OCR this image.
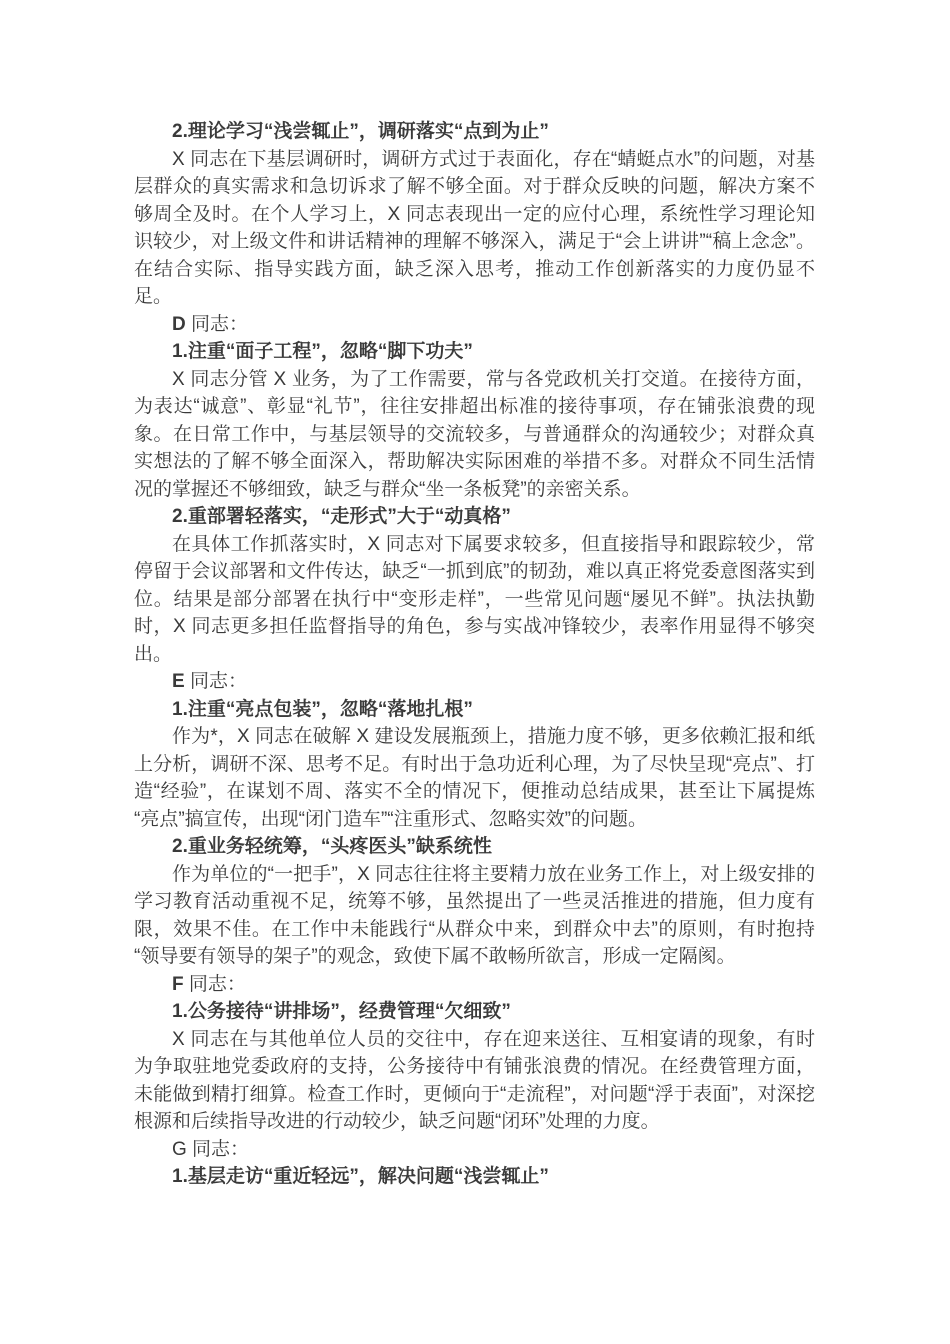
2.理论学习“浅尝辄止”，调研落实“点到为止”

X 同志在下基层调研时，调研方式过于表面化，存在“蜻蜓点水”的问题，对基层群众的真实需求和急切诉求了解不够全面。对于群众反映的问题，解决方案不够周全及时。在个人学习上，X 同志表现出一定的应付心理，系统性学习理论知识较少，对上级文件和讲话精神的理解不够深入，满足于“会上讲讲”“稿上念念”。在结合实际、指导实践方面，缺乏深入思考，推动工作创新落实的力度仍显不足。

D 同志：

1.注重“面子工程”，忽略“脚下功夫”

X 同志分管 X 业务，为了工作需要，常与各党政机关打交道。在接待方面，为表达“诚意”、彰显“礼节”，往往安排超出标准的接待事项，存在铺张浪费的现象。在日常工作中，与基层领导的交流较多，与普通群众的沟通较少；对群众真实想法的了解不够全面深入，帮助解决实际困难的举措不多。对群众不同生活情况的掌握还不够细致，缺乏与群众“坐一条板凳”的亲密关系。

2.重部署轻落实，“走形式”大于“动真格”

在具体工作抓落实时，X 同志对下属要求较多，但直接指导和跟踪较少，常停留于会议部署和文件传达，缺乏“一抓到底”的韧劲，难以真正将党委意图落实到位。结果是部分部署在执行中“变形走样”，一些常见问题“屡见不鲜”。执法执勤时，X 同志更多担任监督指导的角色，参与实战冲锋较少，表率作用显得不够突出。

E 同志：

1.注重“亮点包装”，忽略“落地扎根”

作为*，X 同志在破解 X 建设发展瓶颈上，措施力度不够，更多依赖汇报和纸上分析，调研不深、思考不足。有时出于急功近利心理，为了尽快呈现“亮点”、打造“经验”，在谋划不周、落实不全的情况下，便推动总结成果，甚至让下属提炼“亮点”搞宣传，出现“闭门造车”“注重形式、忽略实效”的问题。

2.重业务轻统筹，“头疼医头”缺系统性

作为单位的“一把手”，X 同志往往将主要精力放在业务工作上，对上级安排的学习教育活动重视不足，统筹不够，虽然提出了一些灵活推进的措施，但力度有限，效果不佳。在工作中未能践行“从群众中来，到群众中去”的原则，有时抱持“领导要有领导的架子”的观念，致使下属不敢畅所欲言，形成一定隔阂。

F 同志：

1.公务接待“讲排场”，经费管理“欠细致”

X 同志在与其他单位人员的交往中，存在迎来送往、互相宴请的现象，有时为争取驻地党委政府的支持，公务接待中有铺张浪费的情况。在经费管理方面，未能做到精打细算。检查工作时，更倾向于“走流程”，对问题“浮于表面”，对深挖根源和后续指导改进的行动较少，缺乏问题“闭环”处理的力度。

G 同志：

1.基层走访“重近轻远”，解决问题“浅尝辄止”
